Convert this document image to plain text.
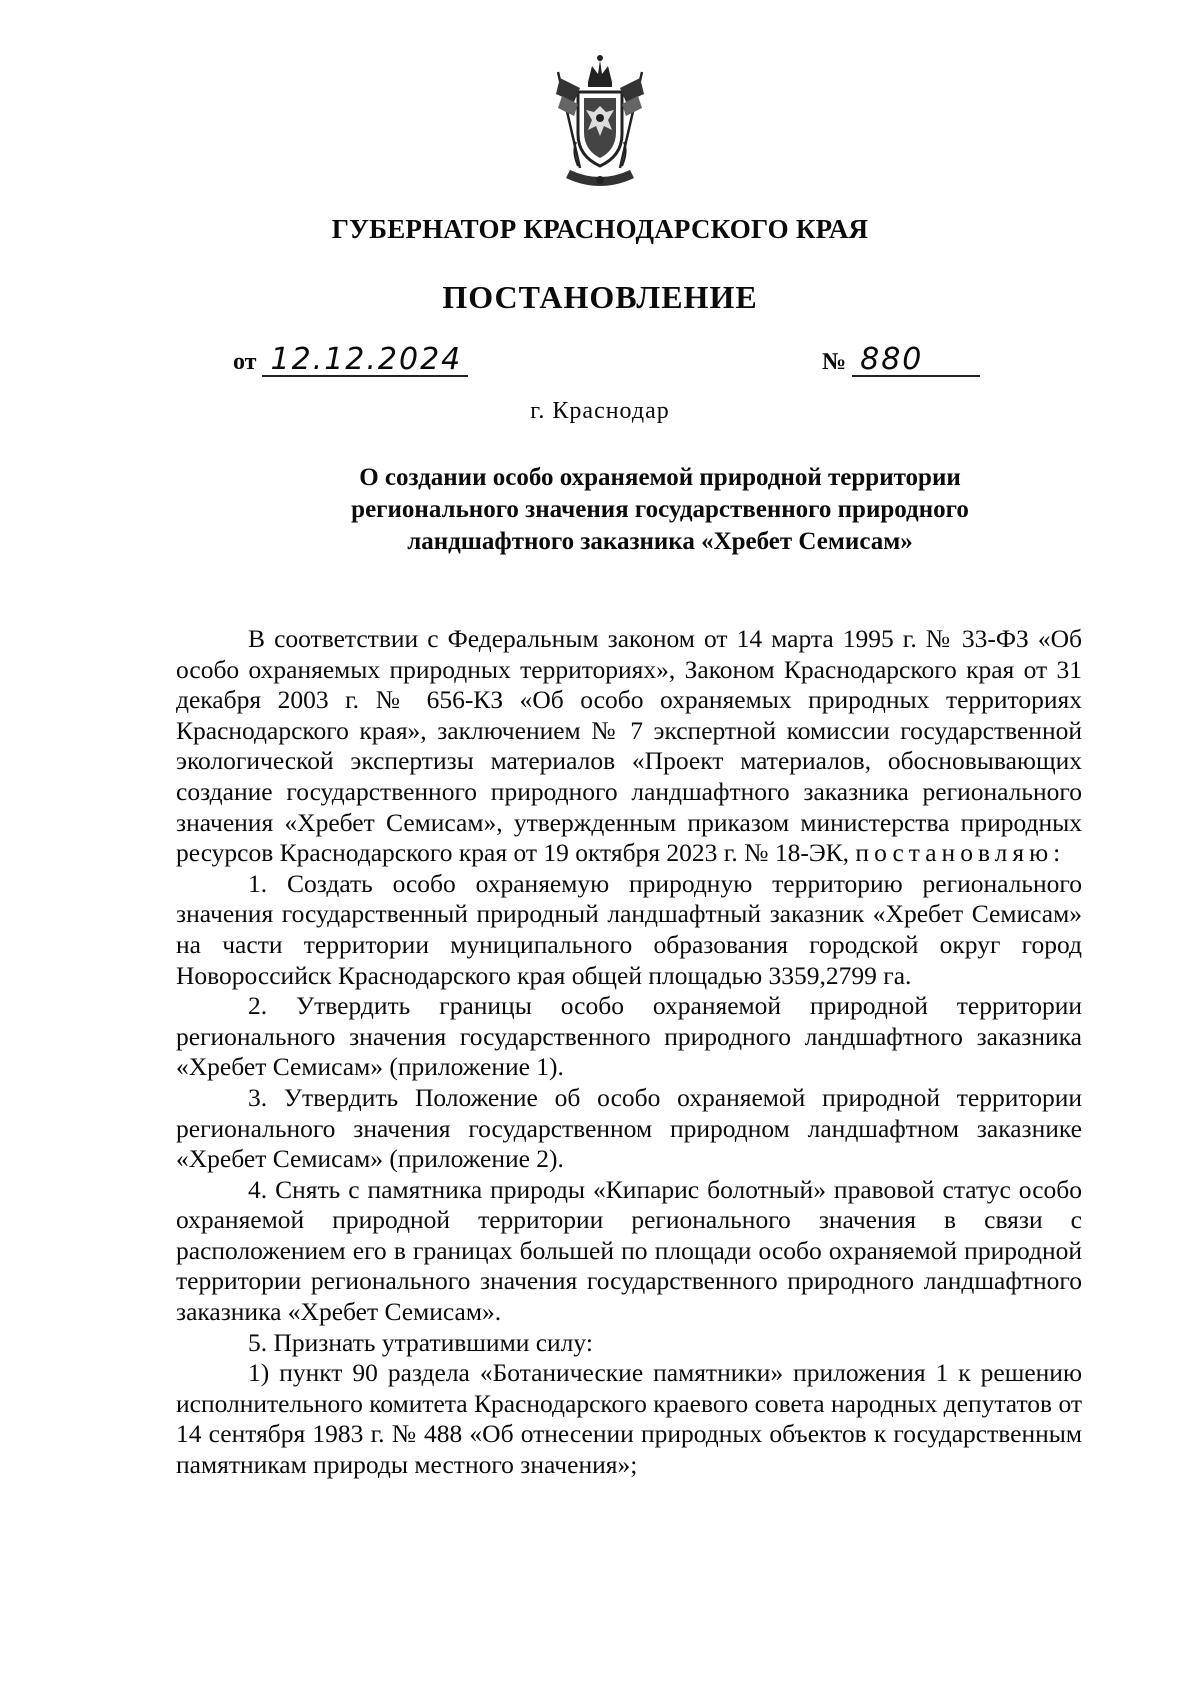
ГУБЕРНАТОР КРАСНОДАРСКОГО КРАЯ
ПОСТАНОВЛЕНИЕ
от 12.12.2024	№ 880
г. Краснодар
О создании особо охраняемой природной территории регионального значения государственного природного ландшафтного заказника «Хребет Семисам»

В соответствии с Федеральным законом от 14 марта 1995 г. № 33-ФЗ «Об особо охраняемых природных территориях», Законом Краснодарского края от 31 декабря 2003 г. № 656-КЗ «Об особо охраняемых природных территориях Краснодарского края», заключением № 7 экспертной комиссии государственной экологической экспертизы материалов «Проект материалов, обосновывающих создание государственного природного ландшафтного заказника регионального значения «Хребет Семисам», утвержденным приказом министерства природных ресурсов Краснодарского края от 19 октября 2023 г. № 18-ЭК, постановляю:

1. Создать особо охраняемую природную территорию регионального значения государственный природный ландшафтный заказник «Хребет Семисам» на части территории муниципального образования городской округ город Новороссийск Краснодарского края общей площадью 3359,2799 га.

2. Утвердить границы особо охраняемой природной территории регионального значения государственного природного ландшафтного заказника «Хребет Семисам» (приложение 1).

3. Утвердить Положение об особо охраняемой природной территории регионального значения государственном природном ландшафтном заказнике «Хребет Семисам» (приложение 2).

4. Снять с памятника природы «Кипарис болотный» правовой статус особо охраняемой природной территории регионального значения в связи с расположением его в границах большей по площади особо охраняемой природной территории регионального значения государственного природного ландшафтного заказника «Хребет Семисам».

5. Признать утратившими силу:

1) пункт 90 раздела «Ботанические памятники» приложения 1 к решению исполнительного комитета Краснодарского краевого совета народных депутатов от 14 сентября 1983 г. № 488 «Об отнесении природных объектов к государственным памятникам природы местного значения»;
